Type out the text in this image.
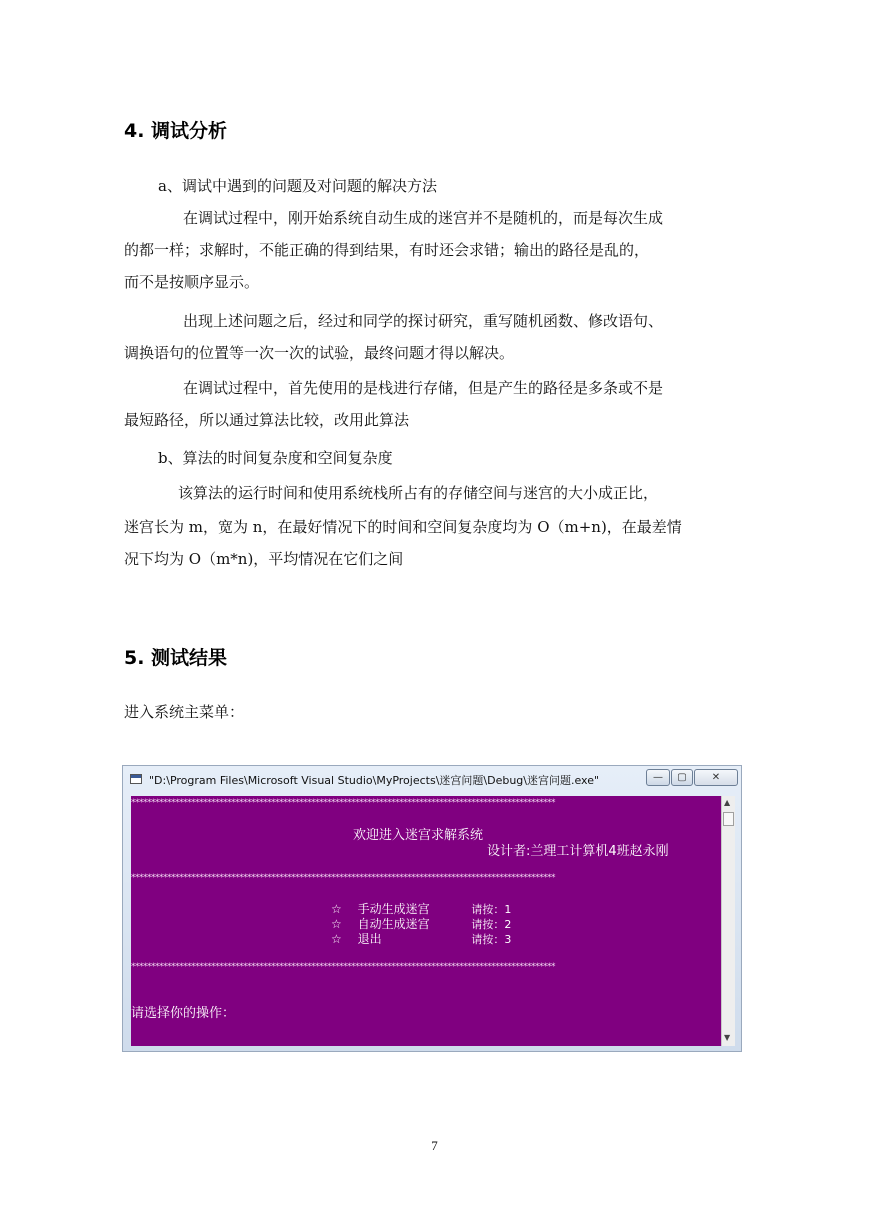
4. 调试分析
a、调试中遇到的问题及对问题的解决方法
在调试过程中，刚开始系统自动生成的迷宫并不是随机的，而是每次生成
的都一样；求解时，不能正确的得到结果，有时还会求错；输出的路径是乱的，
而不是按顺序显示。
出现上述问题之后，经过和同学的探讨研究，重写随机函数、修改语句、
调换语句的位置等一次一次的试验，最终问题才得以解决。
在调试过程中，首先使用的是栈进行存储，但是产生的路径是多条或不是
最短路径，所以通过算法比较，改用此算法
b、算法的时间复杂度和空间复杂度
该算法的运行时间和使用系统栈所占有的存储空间与迷宫的大小成正比，
迷宫长为 m，宽为 n，在最好情况下的时间和空间复杂度均为 O（m+n)，在最差情
况下均为 O（m*n)，平均情况在它们之间
5. 测试结果
进入系统主菜单：
"D:\Program Files\Microsoft Visual Studio\MyProjects\迷宫问题\Debug\迷宫问题.exe"	—	▢	✕
**********************************************************************************************************
欢迎进入迷宫求解系统
设计者:兰理工计算机4班赵永刚
**********************************************************************************************************
☆ 手动生成迷宫	请按：1
☆ 自动生成迷宫	请按：2
☆ 退出	请按：3
**********************************************************************************************************
请选择你的操作：
▲
▼
7
